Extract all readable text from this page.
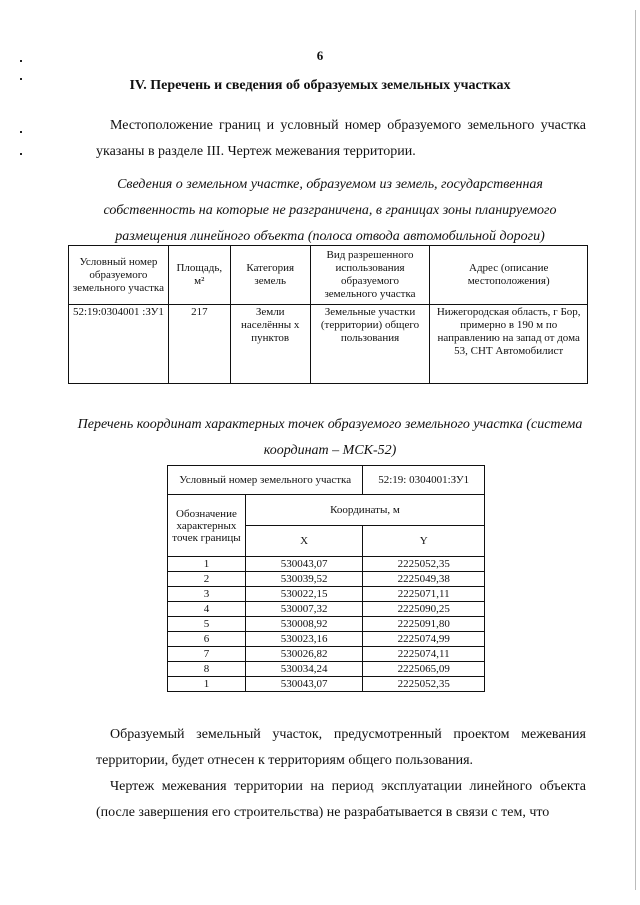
6
IV. Перечень и сведения об образуемых земельных участках
Местоположение границ и условный номер образуемого земельного участка указаны в разделе III. Чертеж межевания территории.
Сведения о земельном участке, образуемом из земель, государственная собственность на которые не разграничена, в границах зоны планируемого размещения линейного объекта (полоса отвода автомобильной дороги)
Условный номер образуемого земельного участка	Площадь, м²	Категория земель	Вид разрешенного использования образуемого земельного участка	Адрес (описание местоположения)
52:19:0304001 :ЗУ1	217	Земли населённы х пунктов	Земельные участки (территории) общего пользования	Нижегородская область, г Бор, примерно в 190 м по направлению на запад от дома 53, СНТ Автомобилист
Перечень координат характерных точек образуемого земельного участка (система координат – МСК-52)
Условный номер земельного участка		52:19: 0304001:ЗУ1
Обозначение характерных точек границы	Координаты, м	
	X	Y
1	530043,07	2225052,35
2	530039,52	2225049,38
3	530022,15	2225071,11
4	530007,32	2225090,25
5	530008,92	2225091,80
6	530023,16	2225074,99
7	530026,82	2225074,11
8	530034,24	2225065,09
1	530043,07	2225052,35
Образуемый земельный участок, предусмотренный проектом межевания территории, будет отнесен к территориям общего пользования.
Чертеж межевания территории на период эксплуатации линейного объекта (после завершения его строительства) не разрабатывается в связи с тем, что
